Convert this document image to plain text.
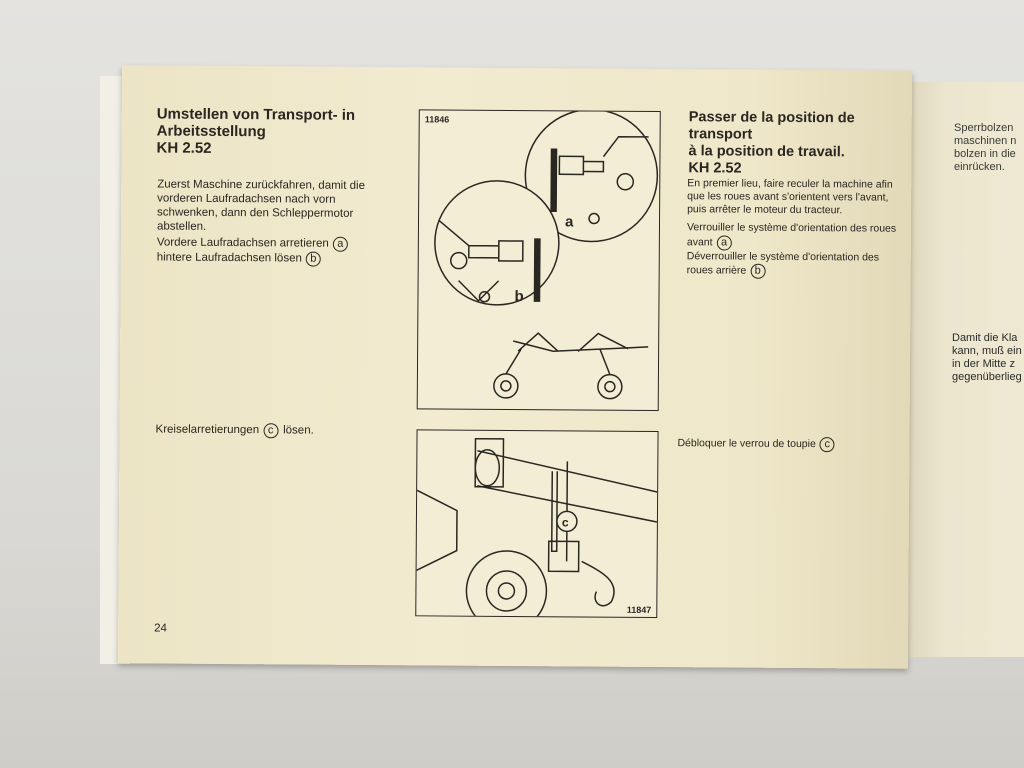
Sperrbolzen
maschinen n
bolzen in die
einrücken.
Damit die Kla
kann, muß ein
in der Mitte z
gegenüberlieg
Umstellen von Transport- in
Arbeitsstellung
KH 2.52
Zuerst Maschine zurückfahren, damit die
vorderen Laufradachsen nach vorn
schwenken, dann den Schleppermotor
abstellen.
Vordere Laufradachsen arretieren a
hintere Laufradachsen lösen b
Kreiselarretierungen c lösen.
24
11846
a
b
c
11847
Passer de la position de transport
à la position de travail.
KH 2.52
En premier lieu, faire reculer la machine afin
que les roues avant s'orientent vers l'avant,
puis arrêter le moteur du tracteur.
Verrouiller le système d'orientation des roues
avant a
Déverrouiller le système d'orientation des
roues arrière b
Débloquer le verrou de toupie c
